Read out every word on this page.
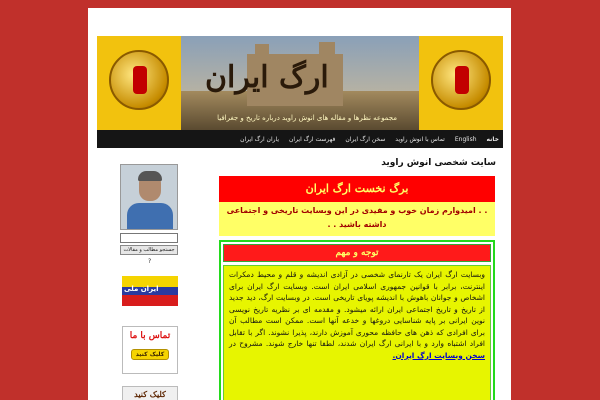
ارگ ایران
مجموعه نظرها و مقاله های انوش راوید درباره تاریخ و جغرافیا
خانه
English
تماس با انوش راوید
سخن ارگ ایران
فهرست ارگ ایران
یاران ارگ ایران
سایت شخصی انوش راوید
جستجو مطالب و مقالات
?
ایران ملی
تماس با ما
کلیک کنید
کلیک کنید
برگ نخست ارگ ایران
. . امیدوارم زمان خوب و مفیدی در این وبسایت تاریخی و اجتماعی داشته باشید . .
توجه و مهم
وبسایت ارگ ایران یک تارنمای شخصی در آزادی اندیشه و قلم و محیط دمکرات اینترنت، برابر با قوانین جمهوری اسلامی ایران است. وبسایت ارگ ایران برای اشخاص و جوانان باهوش با اندیشه پویای تاریخی است. در وبسایت ارگ، دید جدید از تاریخ و تاریخ اجتماعی ایران ارائه میشود. و مقدمه ای بر نظریه تاریخ نویسی نوین ایرانی بر پایه شناسایی دروغها و خدعه آنها است. ممکن است مطالب آن برای افرادی که ذهن های حافظه محوری آموزش دارند، پذیرا نشوند. اگر با تقابل افراد اشتباه وارد و با ایرانی ارگ ایران شدند، لطفا تنها خارج شوند. مشروح در سخن وبسایت ارگ ایران.
